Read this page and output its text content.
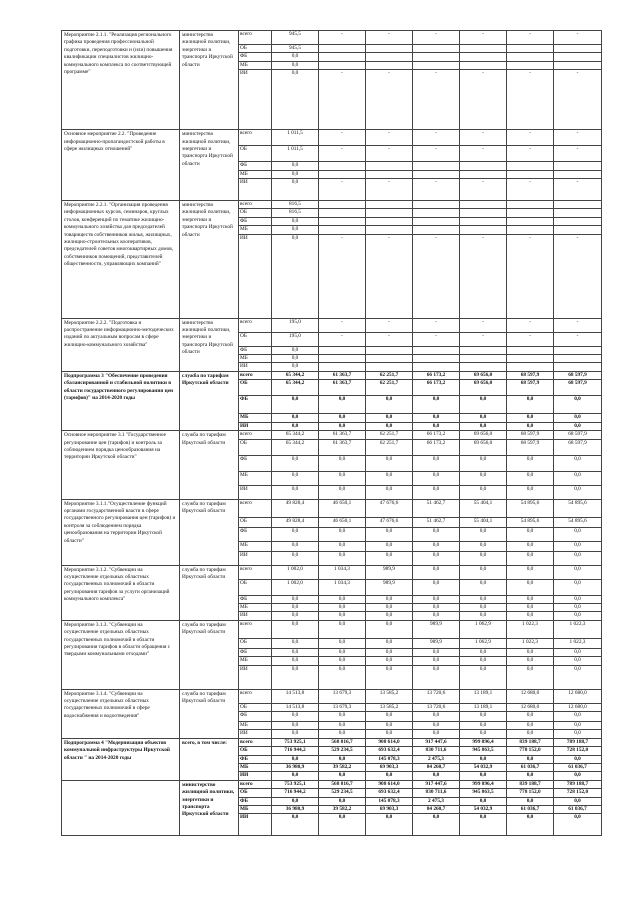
Мероприятие 2.1.1. "Реализация регионального графика проведения профессиональной подготовки, переподготовки и (или) повышения квалификации специалистов жилищно-коммунального комплекса по соответствующей программе"	министерство жилищной политики, энергетики и транспорта Иркутской области	всего	945,5	-	-	-	-	-	-
		ОБ	945,5						
		ФБ	0,0						
		МБ	0,0						
		ИИ	0,0	-	-	-	-	-	-
Основное мероприятие 2.2. "Проведение информационно-пропагандистской работы в сфере жилищных отношений"	министерство жилищной политики, энергетики и транспорта Иркутской области	всего	1 011,5	-	-	-	-	-	-
		ОБ	1 011,5	-	-	-	-	-	-
		ФБ	0,0						
		МБ	0,0						
		ИИ	0,0	-	-	-	-	-	-
Мероприятие 2.2.1. "Организация проведения информационных курсов, семинаров, круглых столов, конференций по тематике жилищно-коммунального хозяйства для председателей товариществ собственников жилья, жилищных, жилищно-строительных кооперативов, председателей советов многоквартирных домов, собственников помещений, представителей общественности, управляющих компаний"	министерство жилищной политики, энергетики и транспорта Иркутской области	всего	816,5						
		ОБ	816,5						
		ФБ	0,0						
		МБ	0,0						
		ИИ	0,0	-	-	-	-	-	-
Мероприятие 2.2.2. "Подготовка и распространение информационно-методических изданий по актуальным вопросам в сфере жилищно-коммунального хозяйства"	министерство жилищной политики, энергетики и транспорта Иркутской области	всего	195,0	-	-	-	-	-	-
		ОБ	195,0	-	-	-	-	-	-
		ФБ	0,0						
		МБ	0,0						
		ИИ	0,0						
Подпрограмма 3 "Обеспечение проведения сбалансированной и стабильной политики в области государственного регулирования цен (тарифов)" на 2014-2020 годы	служба по тарифам Иркутской области	всего	65 344,2	61 363,7	62 251,7	66 173,2	69 656,0	68 597,9	68 597,9
		ОБ	65 344,2	61 363,7	62 251,7	66 173,2	69 656,0	68 597,9	68 597,9
		ФБ	0,0	0,0	0,0	0,0	0,0	0,0	0,0
		МБ	0,0	0,0	0,0	0,0	0,0	0,0	0,0
		ИИ	0,0	0,0	0,0	0,0	0,0	0,0	0,0
Основное мероприятие 3.1 "Государственное регулирование цен (тарифов) и контроль за соблюдением порядка ценообразования на территории Иркутской области"	служба по тарифам Иркутской области	всего	65 344,2	61 363,7	62 251,7	66 173,2	69 656,0	68 597,9	68 597,9
		ОБ	65 344,2	61 363,7	62 251,7	66 173,2	69 656,0	68 597,9	68 597,9
		ФБ	0,0	0,0	0,0	0,0	0,0	0,0	0,0
		МБ	0,0	0,0	0,0	0,0	0,0	0,0	0,0
		ИИ	0,0	0,0	0,0	0,0	0,0	0,0	0,0
Мероприятие 3.1.1."Осуществление функций органами государственной власти в сфере государственного регулирования цен (тарифов) и контроля за соблюдением порядка ценообразования на территории Иркутской области"	служба по тарифам Иркутской области	всего	49 828,4	46 650,1	47 676,6	51 462,7	55 404,1	54 895,6	54 895,6
		ОБ	49 828,4	46 650,1	47 676,6	51 462,7	55 404,1	54 895,6	54 895,6
		ФБ	0,0	0,0	0,0	0,0	0,0	0,0	0,0
		МБ	0,0	0,0	0,0	0,0	0,0	0,0	0,0
		ИИ	0,0	0,0	0,0	0,0	0,0	0,0	0,0
Мероприятие 3.1.2. "Субвенции на осуществление отдельных областных государственных полномочий в области регулирования тарифов за услуги организаций коммунального комплекса"	служба по тарифам Иркутской области	всего	1 002,0	1 034,3	989,9	0,0	0,0	0,0	0,0
		ОБ	1 002,0	1 034,3	989,9	0,0	0,0	0,0	0,0
		ФБ	0,0	0,0	0,0	0,0	0,0	0,0	0,0
		МБ	0,0	0,0	0,0	0,0	0,0	0,0	0,0
		ИИ	0,0	0,0	0,0	0,0	0,0	0,0	0,0
Мероприятие 3.1.3. "Субвенции на осуществление отдельных областных государственных полномочий в области регулирования тарифов в области обращения с твердыми коммунальными отходами"	служба по тарифам Иркутской области	всего	0,0	0,0	0,0	989,9	1 062,9	1 022,3	1 022,3
		ОБ	0,0	0,0	0,0	989,9	1 062,9	1 022,3	1 022,3
		ФБ	0,0	0,0	0,0	0,0	0,0	0,0	0,0
		МБ	0,0	0,0	0,0	0,0	0,0	0,0	0,0
		ИИ	0,0	0,0	0,0	0,0	0,0	0,0	0,0
Мероприятие 3.1.4. "Субвенции на осуществление отдельных областных государственных полномочий в сфере водоснабжения и водоотведения"	служба по тарифам Иркутской области	всего	14 513,8	13 679,3	13 585,2	13 720,6	13 189,1	12 680,0	12 680,0
		ОБ	14 513,8	13 679,3	13 585,2	13 720,6	13 189,1	12 680,0	12 680,0
		ФБ	0,0	0,0	0,0	0,0	0,0	0,0	0,0
		МБ	0,0	0,0	0,0	0,0	0,0	0,0	0,0
		ИИ	0,0	0,0	0,0	0,0	0,0	0,0	0,0
Подпрограмма 4 "Модернизация объектов коммунальной инфраструктуры Иркутской области " на 2014-2020 годы	всего, в том числе:	всего	753 925,1	568 816,7	908 614,0	917 447,6	999 896,4	839 188,7	789 188,7
		ОБ	716 944,2	529 234,5	693 632,4	830 711,6	945 863,5	778 152,0	728 152,0
		ФБ	0,0	0,0	145 078,3	2 475,3	0,0	0,0	0,0
		МБ	36 980,9	39 582,2	69 903,3	84 260,7	54 032,9	61 036,7	61 036,7
		ИИ	0,0	0,0	0,0	0,0	0,0	0,0	0,0
	министерство жилищной политики, энергетики и транспорта Иркутской области	всего	753 925,1	568 816,7	908 614,0	917 447,6	999 896,4	839 188,7	789 188,7
		ОБ	716 944,2	529 234,5	693 632,4	830 711,6	945 863,5	778 152,0	728 152,0
		ФБ	0,0	0,0	145 078,3	2 475,3	0,0	0,0	0,0
		МБ	36 980,9	39 582,2	69 903,3	84 260,7	54 032,9	61 036,7	61 036,7
		ИИ	0,0	0,0	0,0	0,0	0,0	0,0	0,0
